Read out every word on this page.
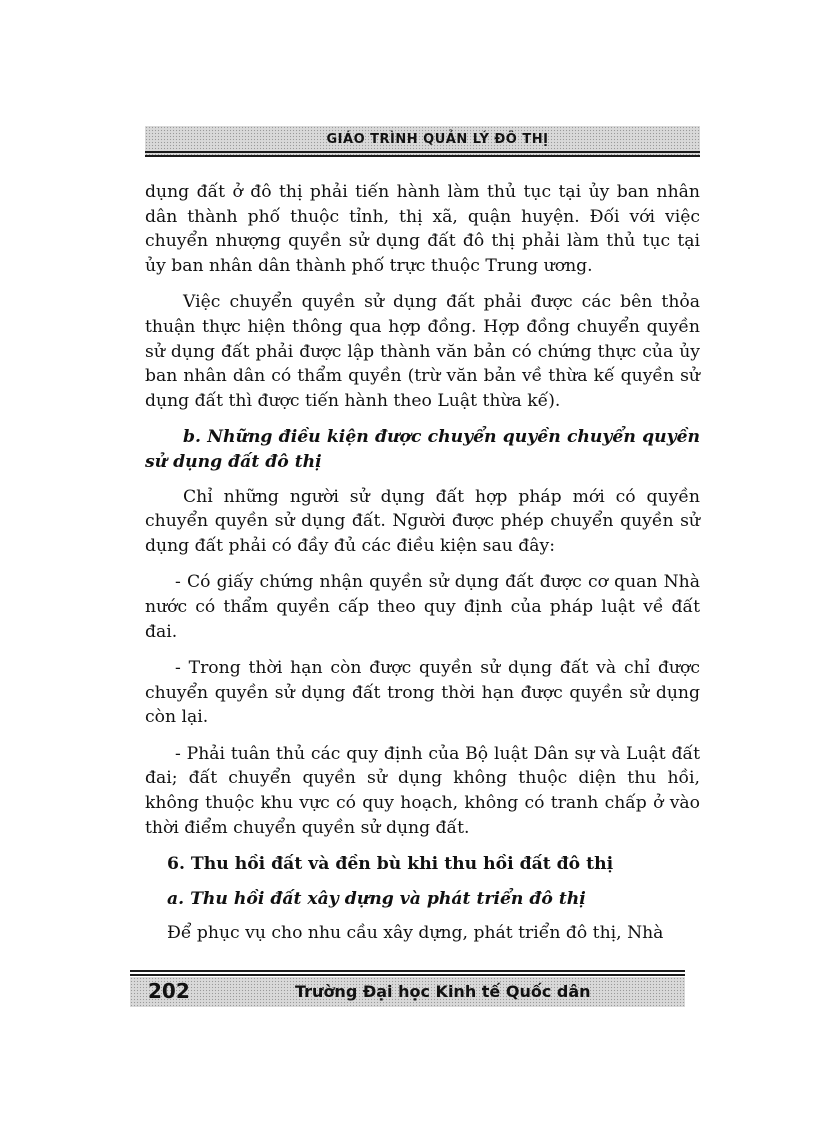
GIÁO TRÌNH QUẢN LÝ ĐÔ THỊ

dụng đất ở đô thị phải tiến hành làm thủ tục tại ủy ban nhân dân thành phố thuộc tỉnh, thị xã, quận huyện. Đối với việc chuyển nhượng quyền sử dụng đất đô thị phải làm thủ tục tại ủy ban nhân dân thành phố trực thuộc Trung ương.

Việc chuyển quyền sử dụng đất phải được các bên thỏa thuận thực hiện thông qua hợp đồng. Hợp đồng chuyển quyền sử dụng đất phải được lập thành văn bản có chứng thực của ủy ban nhân dân có thẩm quyền (trừ văn bản về thừa kế quyền sử dụng đất thì được tiến hành theo Luật thừa kế).

b. Những điều kiện được chuyển quyền chuyển quyền sử dụng đất đô thị

Chỉ những người sử dụng đất hợp pháp mới có quyền chuyển quyền sử dụng đất. Người được phép chuyển quyền sử dụng đất phải có đầy đủ các điều kiện sau đây:

- Có giấy chứng nhận quyền sử dụng đất được cơ quan Nhà nước có thẩm quyền cấp theo quy định của pháp luật về đất đai.

- Trong thời hạn còn được quyền sử dụng đất và chỉ được chuyển quyền sử dụng đất trong thời hạn được quyền sử dụng còn lại.

- Phải tuân thủ các quy định của Bộ luật Dân sự và Luật đất đai; đất chuyển quyền sử dụng không thuộc diện thu hồi, không thuộc khu vực có quy hoạch, không có tranh chấp ở vào thời điểm chuyển quyền sử dụng đất.

6. Thu hồi đất và đền bù khi thu hồi đất đô thị

a. Thu hồi đất xây dựng và phát triển đô thị

Để phục vụ cho nhu cầu xây dựng, phát triển đô thị, Nhà

202	Trường Đại học Kinh tế Quốc dân
